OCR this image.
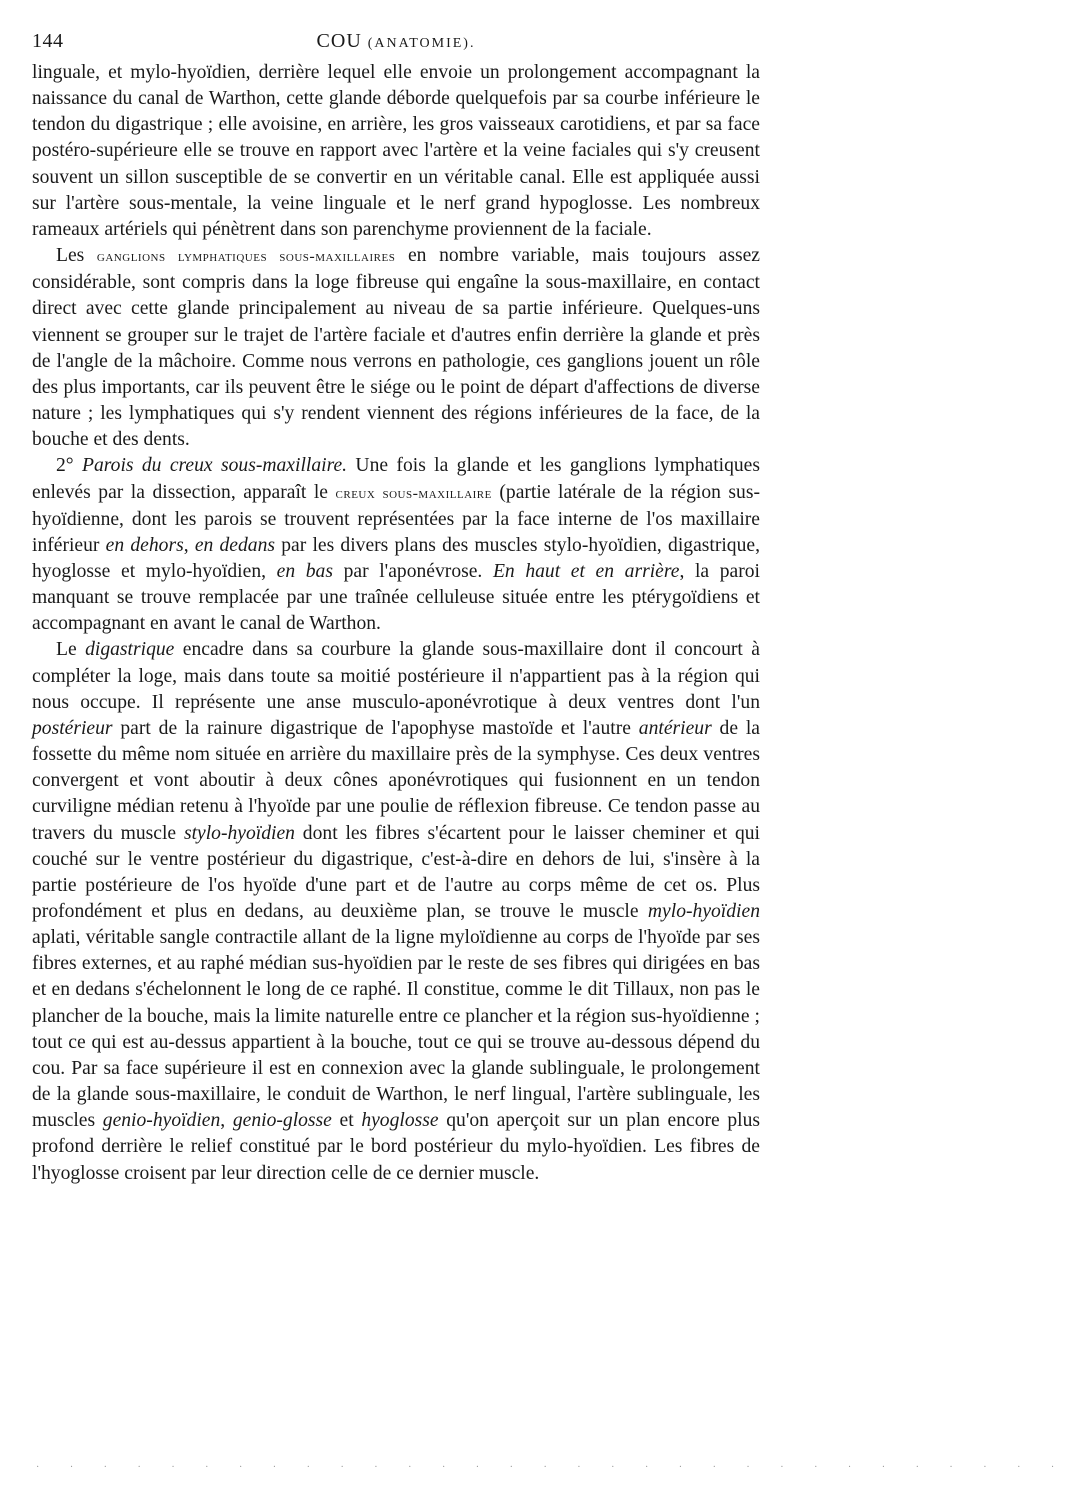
144	COU (ANATOMIE).

linguale, et mylo-hyoïdien, derrière lequel elle envoie un prolongement accompagnant la naissance du canal de Warthon, cette glande déborde quelquefois par sa courbe inférieure le tendon du digastrique ; elle avoisine, en arrière, les gros vaisseaux carotidiens, et par sa face postéro-supérieure elle se trouve en rapport avec l'artère et la veine faciales qui s'y creusent souvent un sillon susceptible de se convertir en un véritable canal. Elle est appliquée aussi sur l'artère sous-mentale, la veine linguale et le nerf grand hypoglosse. Les nombreux rameaux artériels qui pénètrent dans son parenchyme proviennent de la faciale.

Les ganglions lymphatiques sous-maxillaires en nombre variable, mais toujours assez considérable, sont compris dans la loge fibreuse qui engaîne la sous-maxillaire, en contact direct avec cette glande principalement au niveau de sa partie inférieure. Quelques-uns viennent se grouper sur le trajet de l'artère faciale et d'autres enfin derrière la glande et près de l'angle de la mâchoire. Comme nous verrons en pathologie, ces ganglions jouent un rôle des plus importants, car ils peuvent être le siége ou le point de départ d'affections de diverse nature ; les lymphatiques qui s'y rendent viennent des régions inférieures de la face, de la bouche et des dents.

2° Parois du creux sous-maxillaire. Une fois la glande et les ganglions lymphatiques enlevés par la dissection, apparaît le creux sous-maxillaire (partie latérale de la région sus-hyoïdienne, dont les parois se trouvent représentées par la face interne de l'os maxillaire inférieur en dehors, en dedans par les divers plans des muscles stylo-hyoïdien, digastrique, hyoglosse et mylo-hyoïdien, en bas par l'aponévrose. En haut et en arrière, la paroi manquant se trouve remplacée par une traînée celluleuse située entre les ptérygoïdiens et accompagnant en avant le canal de Warthon.

Le digastrique encadre dans sa courbure la glande sous-maxillaire dont il concourt à compléter la loge, mais dans toute sa moitié postérieure il n'appartient pas à la région qui nous occupe. Il représente une anse musculo-aponévrotique à deux ventres dont l'un postérieur part de la rainure digastrique de l'apophyse mastoïde et l'autre antérieur de la fossette du même nom située en arrière du maxillaire près de la symphyse. Ces deux ventres convergent et vont aboutir à deux cônes aponévrotiques qui fusionnent en un tendon curviligne médian retenu à l'hyoïde par une poulie de réflexion fibreuse. Ce tendon passe au travers du muscle stylo-hyoïdien dont les fibres s'écartent pour le laisser cheminer et qui couché sur le ventre postérieur du digastrique, c'est-à-dire en dehors de lui, s'insère à la partie postérieure de l'os hyoïde d'une part et de l'autre au corps même de cet os. Plus profondément et plus en dedans, au deuxième plan, se trouve le muscle mylo-hyoïdien aplati, véritable sangle contractile allant de la ligne myloïdienne au corps de l'hyoïde par ses fibres externes, et au raphé médian sus-hyoïdien par le reste de ses fibres qui dirigées en bas et en dedans s'échelonnent le long de ce raphé. Il constitue, comme le dit Tillaux, non pas le plancher de la bouche, mais la limite naturelle entre ce plancher et la région sus-hyoïdienne ; tout ce qui est au-dessus appartient à la bouche, tout ce qui se trouve au-dessous dépend du cou. Par sa face supérieure il est en connexion avec la glande sublinguale, le prolongement de la glande sous-maxillaire, le conduit de Warthon, le nerf lingual, l'artère sublinguale, les muscles genio-hyoïdien, genio-glosse et hyoglosse qu'on aperçoit sur un plan encore plus profond derrière le relief constitué par le bord postérieur du mylo-hyoïdien. Les fibres de l'hyoglosse croisent par leur direction celle de ce dernier muscle.

· · · · · · · · · · · · · · · · · · · · · · · · · · · · · · ·
